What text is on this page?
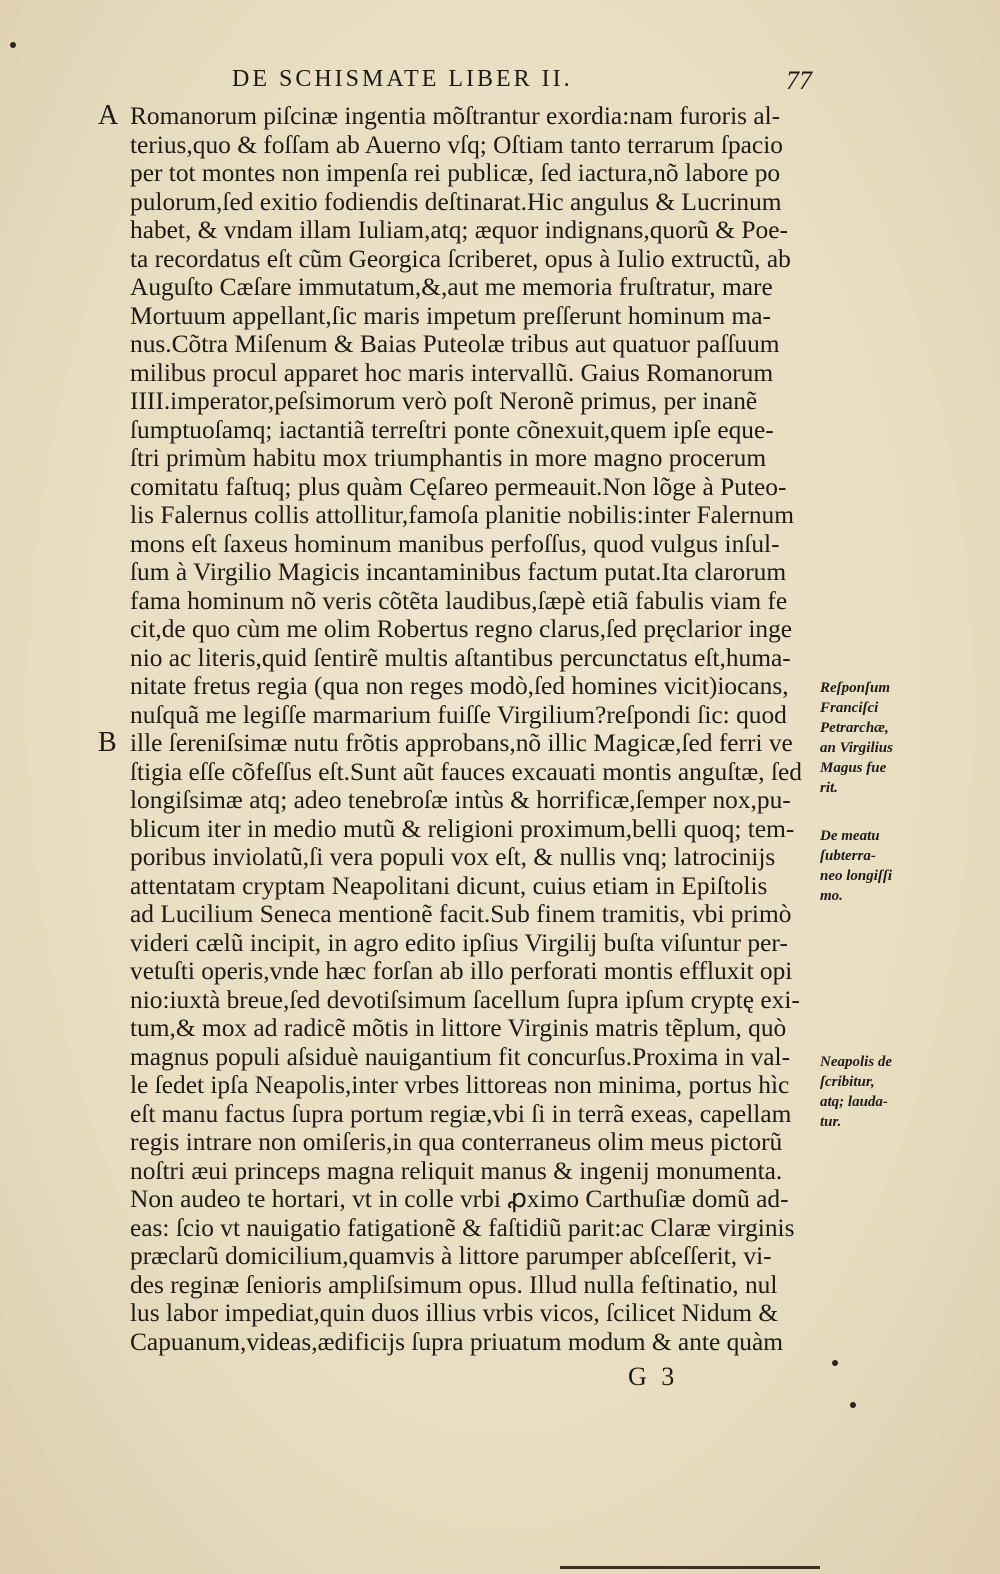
DE SCHISMATE LIBER II.	77
A
B
Romanorum piſcinæ ingentia mõſtrantur exordia:nam furoris al-
terius,quo & foſſam ab Auerno vſq; Oſtiam tanto terrarum ſpacio
per tot montes non impenſa rei publicæ, ſed iactura,nõ labore po
pulorum,ſed exitio fodiendis deſtinarat.Hic angulus & Lucrinum
habet, & vndam illam Iuliam,atq; æquor indignans,quorũ & Poe-
ta recordatus eſt cũm Georgica ſcriberet, opus à Iulio extructũ, ab
Auguſto Cæſare immutatum,&,aut me memoria fruſtratur, mare
Mortuum appellant,ſic maris impetum preſſerunt hominum ma-
nus.Cõtra Miſenum & Baias Puteolæ tribus aut quatuor paſſuum
milibus procul apparet hoc maris intervallũ. Gaius Romanorum
IIII.imperator,peſsimorum verò poſt Neronẽ primus, per inanẽ
ſumptuoſamq; iactantiã terreſtri ponte cõnexuit,quem ipſe eque-
ſtri primùm habitu mox triumphantis in more magno procerum
comitatu faſtuq; plus quàm Cęſareo permeauit.Non lõge à Puteo-
lis Falernus collis attollitur,famoſa planitie nobilis:inter Falernum
mons eſt ſaxeus hominum manibus perfoſſus, quod vulgus inſul-
ſum à Virgilio Magicis incantaminibus factum putat.Ita clarorum
fama hominum nõ veris cõtẽta laudibus,ſæpè etiã fabulis viam fe
cit,de quo cùm me olim Robertus regno clarus,ſed pręclarior inge
nio ac literis,quid ſentirẽ multis aſtantibus percunctatus eſt,huma-
nitate fretus regia (qua non reges modò,ſed homines vicit)iocans,
nuſquã me legiſſe marmarium fuiſſe Virgilium?reſpondi ſic: quod
ille ſereniſsimæ nutu frõtis approbans,nõ illic Magicæ,ſed ferri ve
ſtigia eſſe cõfeſſus eſt.Sunt aũt fauces excauati montis anguſtæ, ſed
longiſsimæ atq; adeo tenebroſæ intùs & horrificæ,ſemper nox,pu-
blicum iter in medio mutũ & religioni proximum,belli quoq; tem-
poribus inviolatũ,ſi vera populi vox eſt, & nullis vnq; latrocinijs
attentatam cryptam Neapolitani dicunt, cuius etiam in Epiſtolis
ad Lucilium Seneca mentionẽ facit.Sub finem tramitis, vbi primò
videri cælũ incipit, in agro edito ipſius Virgilij buſta viſuntur per-
vetuſti operis,vnde hæc forſan ab illo perforati montis effluxit opi
nio:iuxtà breue,ſed devotiſsimum ſacellum ſupra ipſum cryptę exi-
tum,& mox ad radicẽ mõtis in littore Virginis matris tẽplum, quò
magnus populi aſsiduè nauigantium fit concurſus.Proxima in val-
le ſedet ipſa Neapolis,inter vrbes littoreas non minima, portus hìc
eſt manu factus ſupra portum regiæ,vbi ſi in terrã exeas, capellam
regis intrare non omiſeris,in qua conterraneus olim meus pictorũ
noſtri æui princeps magna reliquit manus & ingenij monumenta.
Non audeo te hortari, vt in colle vrbi ꝓximo Carthuſiæ domũ ad-
eas: ſcio vt nauigatio fatigationẽ & faſtidiũ parit:ac Claræ virginis
præclarũ domicilium,quamvis à littore parumper abſceſſerit, vi-
des reginæ ſenioris ampliſsimum opus. Illud nulla feſtinatio, nul
lus labor impediat,quin duos illius vrbis vicos, ſcilicet Nidum &
Capuanum,videas,ædificijs ſupra priuatum modum & ante quàm
Reſponſum
Franciſci
Petrarchæ,
an Virgilius
Magus fue
rit.
De meatu
ſubterra-
neo longiſſi
mo.
Neapolis de
ſcribitur,
atq; lauda-
tur.
G 3
